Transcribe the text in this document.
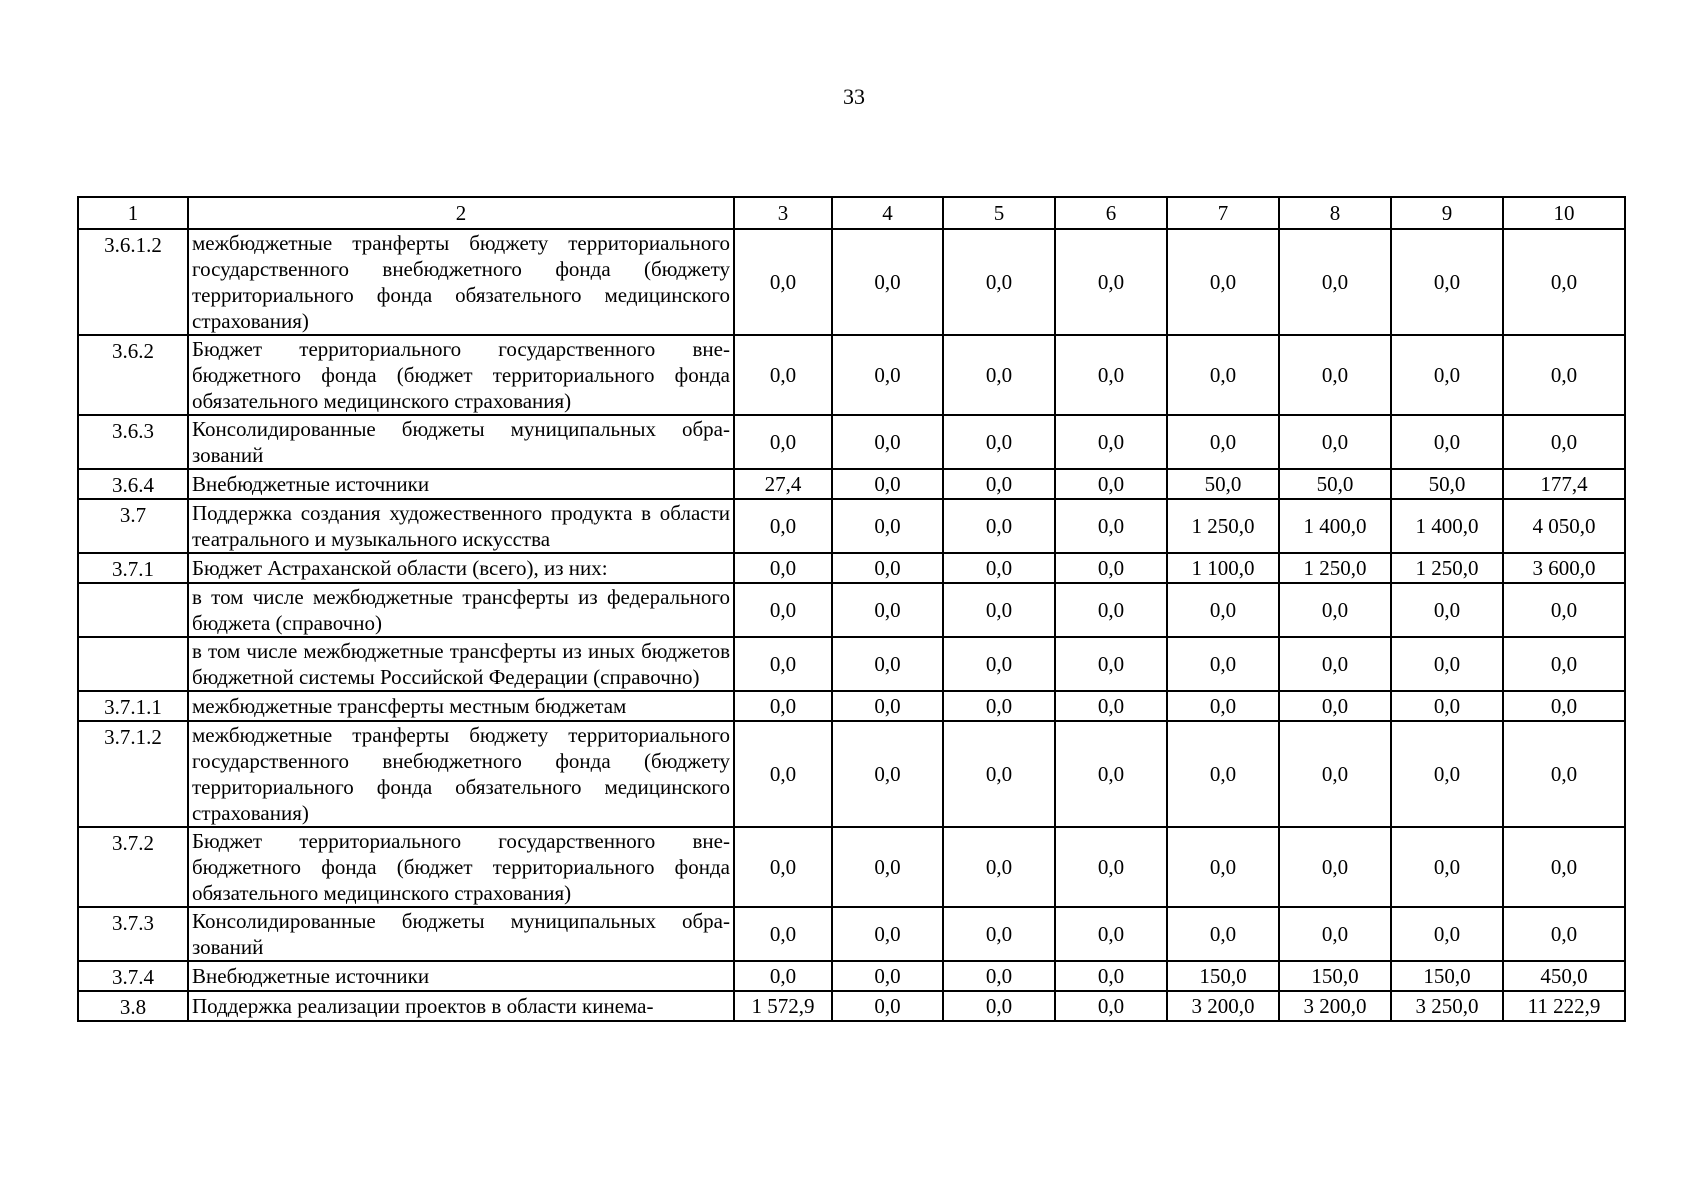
33
1	2	3	4	5	6	7	8	9	10
3.6.1.2	межбюджетные транферты бюджету территориального государственного внебюджетного фонда (бюджету территориального фонда обязательного медицинского страхования)	0,0	0,0	0,0	0,0	0,0	0,0	0,0	0,0
3.6.2	Бюджет территориального государственного внебюджетного фонда (бюджет территориального фонда обязательного медицинского страхования)	0,0	0,0	0,0	0,0	0,0	0,0	0,0	0,0
3.6.3	Консолидированные бюджеты муниципальных обра-зований	0,0	0,0	0,0	0,0	0,0	0,0	0,0	0,0
3.6.4	Внебюджетные источники	27,4	0,0	0,0	0,0	50,0	50,0	50,0	177,4
3.7	Поддержка создания художественного продукта в области театрального и музыкального искусства	0,0	0,0	0,0	0,0	1 250,0	1 400,0	1 400,0	4 050,0
3.7.1	Бюджет Астраханской области (всего), из них:	0,0	0,0	0,0	0,0	1 100,0	1 250,0	1 250,0	3 600,0
	в том числе межбюджетные трансферты из федерального бюджета (справочно)	0,0	0,0	0,0	0,0	0,0	0,0	0,0	0,0
	в том числе межбюджетные трансферты из иных бюджетов бюджетной системы Российской Федерации (справочно)	0,0	0,0	0,0	0,0	0,0	0,0	0,0	0,0
3.7.1.1	межбюджетные трансферты местным бюджетам	0,0	0,0	0,0	0,0	0,0	0,0	0,0	0,0
3.7.1.2	межбюджетные транферты бюджету территориального государственного внебюджетного фонда (бюджету территориального фонда обязательного медицинского страхования)	0,0	0,0	0,0	0,0	0,0	0,0	0,0	0,0
3.7.2	Бюджет территориального государственного внебюджетного фонда (бюджет территориального фонда обязательного медицинского страхования)	0,0	0,0	0,0	0,0	0,0	0,0	0,0	0,0
3.7.3	Консолидированные бюджеты муниципальных обра-зований	0,0	0,0	0,0	0,0	0,0	0,0	0,0	0,0
3.7.4	Внебюджетные источники	0,0	0,0	0,0	0,0	150,0	150,0	150,0	450,0
3.8	Поддержка реализации проектов в области кинема-	1 572,9	0,0	0,0	0,0	3 200,0	3 200,0	3 250,0	11 222,9
